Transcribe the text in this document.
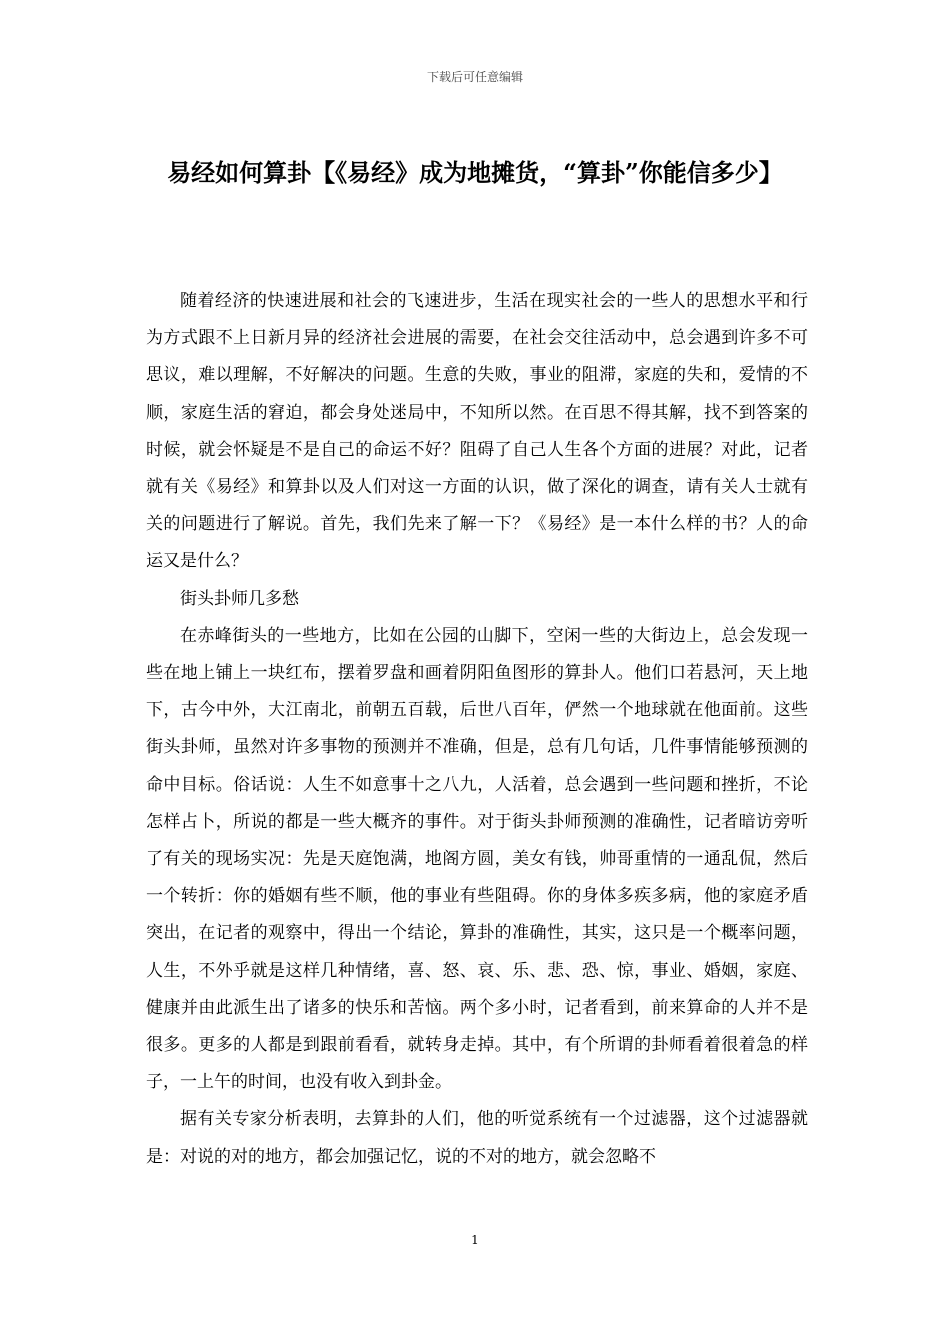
下载后可任意编辑
易经如何算卦【《易经》成为地摊货，“算卦”你能信多少】

随着经济的快速进展和社会的飞速进步，生活在现实社会的一些人的思想水平和行为方式跟不上日新月异的经济社会进展的需要，在社会交往活动中，总会遇到许多不可思议，难以理解，不好解决的问题。生意的失败，事业的阻滞，家庭的失和，爱情的不顺，家庭生活的窘迫，都会身处迷局中，不知所以然。在百思不得其解，找不到答案的时候，就会怀疑是不是自己的命运不好？阻碍了自己人生各个方面的进展？对此，记者就有关《易经》和算卦以及人们对这一方面的认识，做了深化的调查，请有关人士就有关的问题进行了解说。首先，我们先来了解一下？《易经》是一本什么样的书？人的命运又是什么？

街头卦师几多愁

在赤峰街头的一些地方，比如在公园的山脚下，空闲一些的大街边上，总会发现一些在地上铺上一块红布，摆着罗盘和画着阴阳鱼图形的算卦人。他们口若悬河，天上地下，古今中外，大江南北，前朝五百载，后世八百年，俨然一个地球就在他面前。这些街头卦师，虽然对许多事物的预测并不准确，但是，总有几句话，几件事情能够预测的命中目标。俗话说：人生不如意事十之八九，人活着，总会遇到一些问题和挫折，不论怎样占卜，所说的都是一些大概齐的事件。对于街头卦师预测的准确性，记者暗访旁听了有关的现场实况：先是天庭饱满，地阁方圆，美女有钱，帅哥重情的一通乱侃，然后一个转折：你的婚姻有些不顺，他的事业有些阻碍。你的身体多疾多病，他的家庭矛盾突出，在记者的观察中，得出一个结论，算卦的准确性，其实，这只是一个概率问题，人生，不外乎就是这样几种情绪，喜、怒、哀、乐、悲、恐、惊，事业、婚姻，家庭、健康并由此派生出了诸多的快乐和苦恼。两个多小时，记者看到，前来算命的人并不是很多。更多的人都是到跟前看看，就转身走掉。其中，有个所谓的卦师看着很着急的样子，一上午的时间，也没有收入到卦金。

据有关专家分析表明，去算卦的人们，他的听觉系统有一个过滤器，这个过滤器就是：对说的对的地方，都会加强记忆，说的不对的地方，就会忽略不

1
